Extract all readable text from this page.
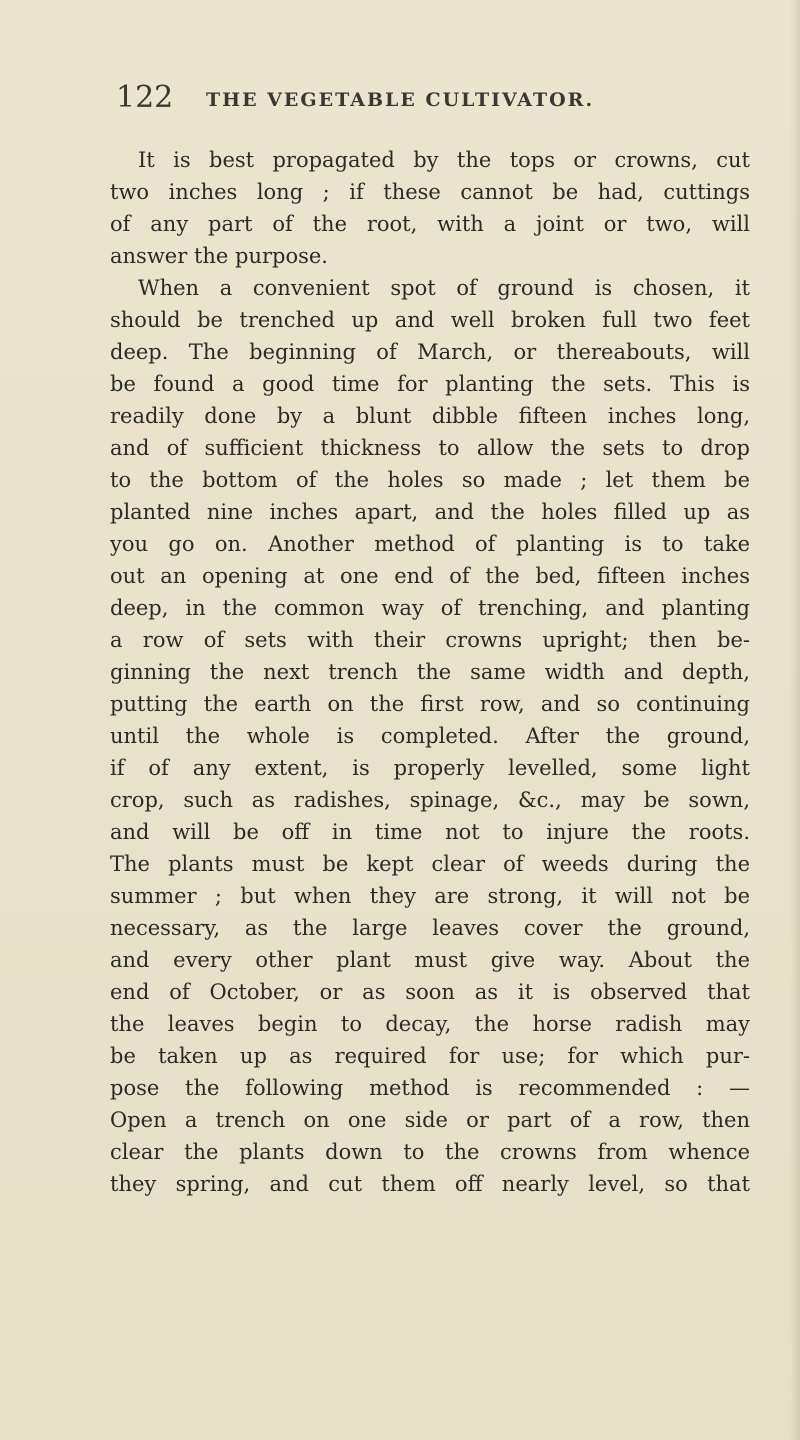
122 THE VEGETABLE CULTIVATOR.
It is best propagated by the tops or crowns, cut
two inches long ; if these cannot be had, cuttings
of any part of the root, with a joint or two, will
answer the purpose.
When a convenient spot of ground is chosen, it
should be trenched up and well broken full two feet
deep. The beginning of March, or thereabouts, will
be found a good time for planting the sets. This is
readily done by a blunt dibble fifteen inches long,
and of sufficient thickness to allow the sets to drop
to the bottom of the holes so made ; let them be
planted nine inches apart, and the holes filled up as
you go on. Another method of planting is to take
out an opening at one end of the bed, fifteen inches
deep, in the common way of trenching, and planting
a row of sets with their crowns upright; then be-
ginning the next trench the same width and depth,
putting the earth on the first row, and so continuing
until the whole is completed. After the ground,
if of any extent, is properly levelled, some light
crop, such as radishes, spinage, &c., may be sown,
and will be off in time not to injure the roots.
The plants must be kept clear of weeds during the
summer ; but when they are strong, it will not be
necessary, as the large leaves cover the ground,
and every other plant must give way. About the
end of October, or as soon as it is observed that
the leaves begin to decay, the horse radish may
be taken up as required for use; for which pur-
pose the following method is recommended : —
Open a trench on one side or part of a row, then
clear the plants down to the crowns from whence
they spring, and cut them off nearly level, so that
